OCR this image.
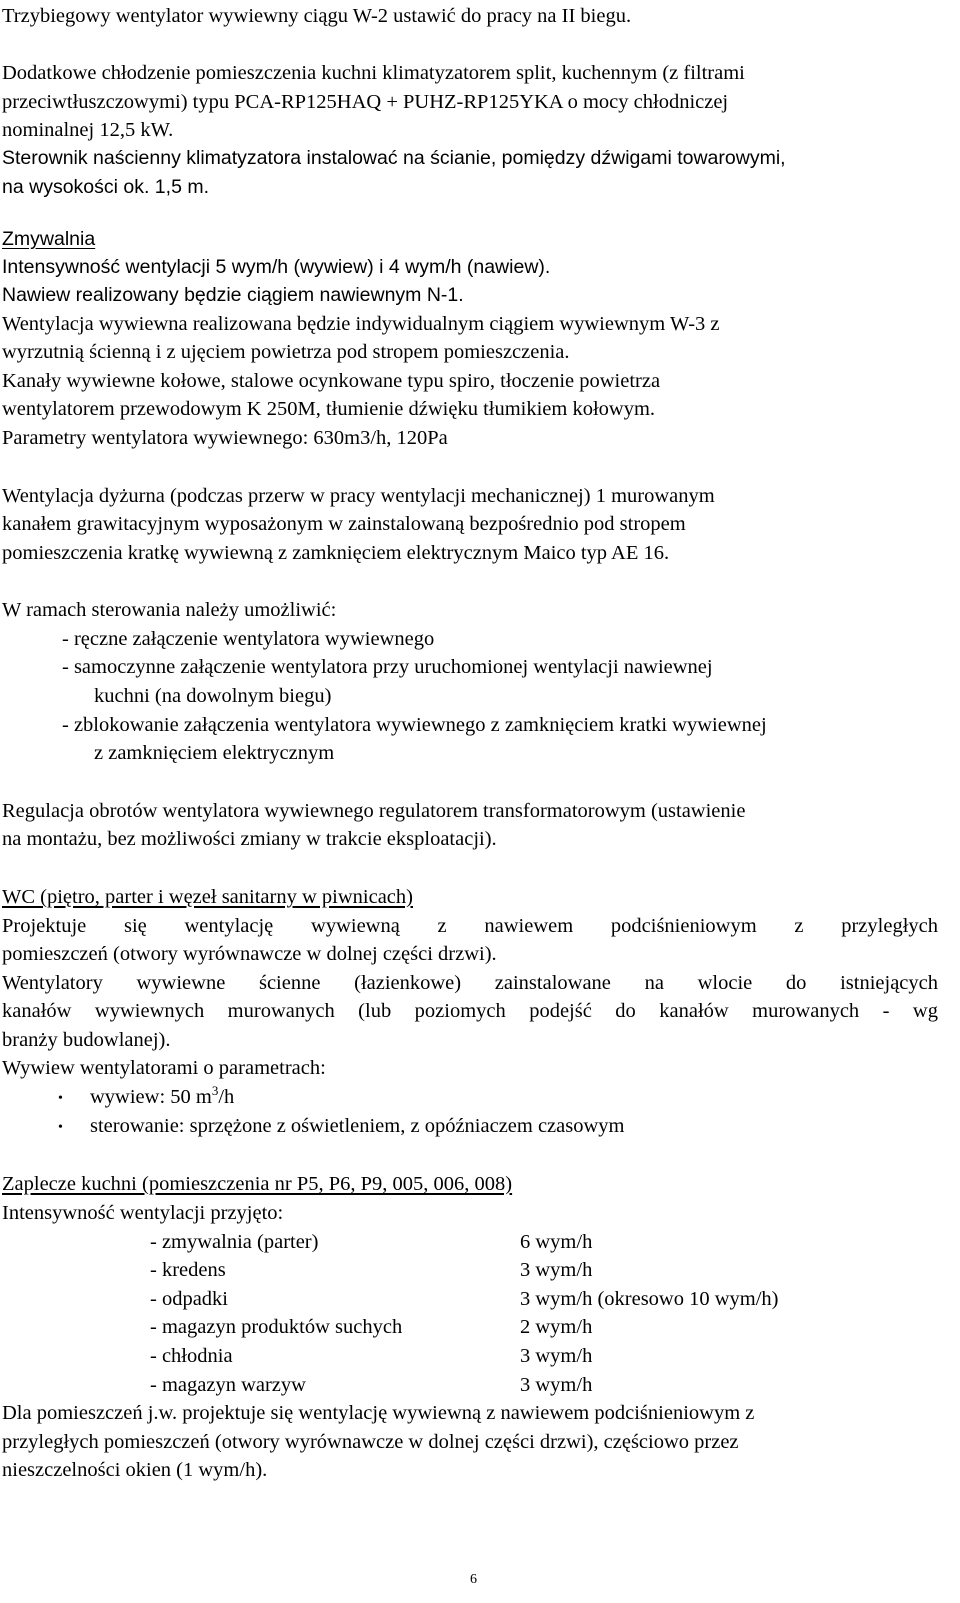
Trzybiegowy wentylator wywiewny ciągu W-2 ustawić do pracy na II biegu.
Dodatkowe chłodzenie pomieszczenia kuchni klimatyzatorem split, kuchennym (z filtrami
przeciwtłuszczowymi) typu PCA-RP125HAQ + PUHZ-RP125YKA o mocy chłodniczej
nominalnej 12,5 kW.
Sterownik naścienny klimatyzatora instalować na ścianie, pomiędzy dźwigami towarowymi,
na wysokości ok. 1,5 m.
Zmywalnia
Intensywność wentylacji 5 wym/h (wywiew) i 4 wym/h (nawiew).
Nawiew realizowany będzie ciągiem nawiewnym N-1.
Wentylacja wywiewna realizowana będzie indywidualnym ciągiem wywiewnym W-3 z
wyrzutnią ścienną i z ujęciem powietrza pod stropem pomieszczenia.
Kanały wywiewne kołowe, stalowe ocynkowane typu spiro, tłoczenie powietrza
wentylatorem przewodowym K 250M, tłumienie dźwięku tłumikiem kołowym.
Parametry wentylatora wywiewnego: 630m3/h, 120Pa
Wentylacja dyżurna (podczas przerw w pracy wentylacji mechanicznej) 1 murowanym
kanałem grawitacyjnym wyposażonym w zainstalowaną bezpośrednio pod stropem
pomieszczenia kratkę wywiewną z zamknięciem elektrycznym Maico typ AE 16.
W ramach sterowania należy umożliwić:
- ręczne załączenie wentylatora wywiewnego
- samoczynne załączenie wentylatora przy uruchomionej wentylacji nawiewnej
kuchni (na dowolnym biegu)
- zblokowanie załączenia wentylatora wywiewnego z zamknięciem kratki wywiewnej
z zamknięciem elektrycznym
Regulacja obrotów wentylatora wywiewnego regulatorem transformatorowym (ustawienie
na montażu, bez możliwości zmiany w trakcie eksploatacji).
WC (piętro, parter i węzeł sanitarny w piwnicach)
Projektuje się wentylację wywiewną z nawiewem podciśnieniowym z przyległych
pomieszczeń (otwory wyrównawcze w dolnej części drzwi).
Wentylatory wywiewne ścienne (łazienkowe) zainstalowane na wlocie do istniejących
kanałów wywiewnych murowanych (lub poziomych podejść do kanałów murowanych - wg
branży budowlanej).
Wywiew wentylatorami o parametrach:
• wywiew: 50 $m^3/h$
• sterowanie: sprzężone z oświetleniem, z opóźniaczem czasowym
Zaplecze kuchni (pomieszczenia nr P5, P6, P9, 005, 006, 008)
Intensywność wentylacji przyjęto:
- zmywalnia (parter)	6 wym/h
- kredens	3 wym/h
- odpadki	3 wym/h (okresowo 10 wym/h)
- magazyn produktów suchych	2 wym/h
- chłodnia	3 wym/h
- magazyn warzyw	3 wym/h
Dla pomieszczeń j.w. projektuje się wentylację wywiewną z nawiewem podciśnieniowym z
przyległych pomieszczeń (otwory wyrównawcze w dolnej części drzwi), częściowo przez
nieszczelności okien (1 wym/h).
6
